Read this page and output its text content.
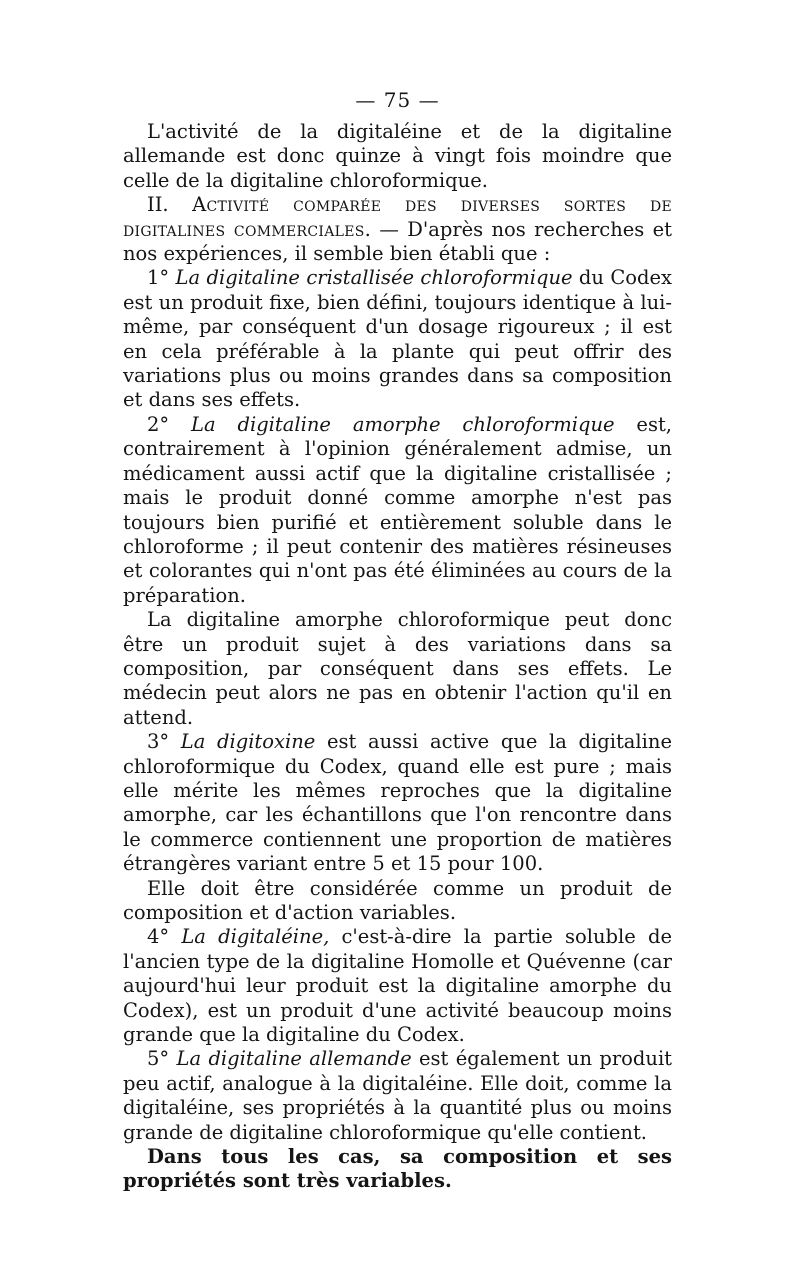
— 75 —

L'activité de la digitaléine et de la digitaline allemande est donc quinze à vingt fois moindre que celle de la digitaline chloroformique.

II. Activité comparée des diverses sortes de digitalines commerciales. — D'après nos recherches et nos expériences, il semble bien établi que :

1° La digitaline cristallisée chloroformique du Codex est un produit fixe, bien défini, toujours identique à lui-même, par conséquent d'un dosage rigoureux ; il est en cela préférable à la plante qui peut offrir des variations plus ou moins grandes dans sa composition et dans ses effets.

2° La digitaline amorphe chloroformique est, contrairement à l'opinion généralement admise, un médicament aussi actif que la digitaline cristallisée ; mais le produit donné comme amorphe n'est pas toujours bien purifié et entièrement soluble dans le chloroforme ; il peut contenir des matières résineuses et colorantes qui n'ont pas été éliminées au cours de la préparation.

La digitaline amorphe chloroformique peut donc être un produit sujet à des variations dans sa composition, par conséquent dans ses effets. Le médecin peut alors ne pas en obtenir l'action qu'il en attend.

3° La digitoxine est aussi active que la digitaline chloroformique du Codex, quand elle est pure ; mais elle mérite les mêmes reproches que la digitaline amorphe, car les échantillons que l'on rencontre dans le commerce contiennent une proportion de matières étrangères variant entre 5 et 15 pour 100.

Elle doit être considérée comme un produit de composition et d'action variables.

4° La digitaléine, c'est-à-dire la partie soluble de l'ancien type de la digitaline Homolle et Quévenne (car aujourd'hui leur produit est la digitaline amorphe du Codex), est un produit d'une activité beaucoup moins grande que la digitaline du Codex.

5° La digitaline allemande est également un produit peu actif, analogue à la digitaléine. Elle doit, comme la digitaléine, ses propriétés à la quantité plus ou moins grande de digitaline chloroformique qu'elle contient.

Dans tous les cas, sa composition et ses propriétés sont très variables.
